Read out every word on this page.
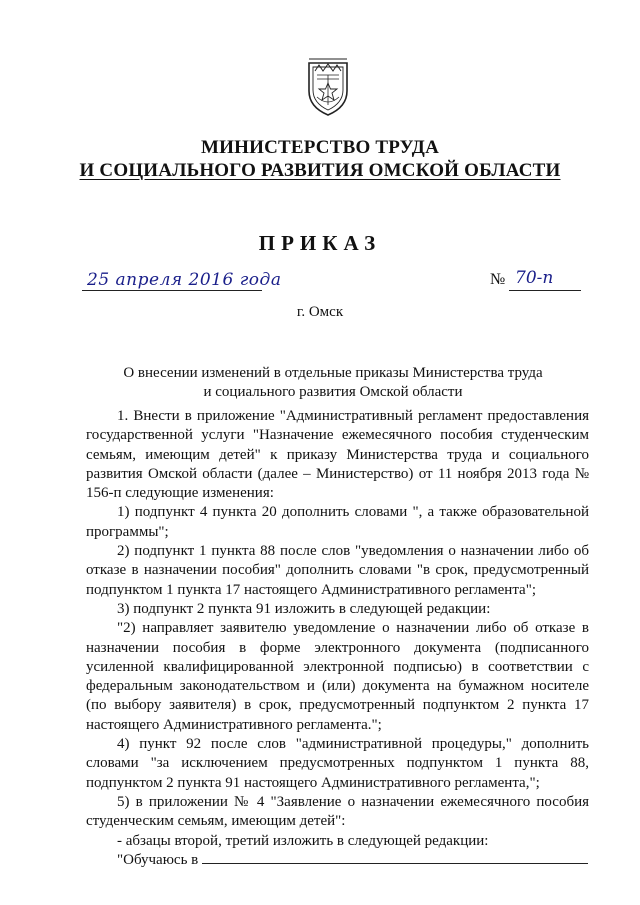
МИНИСТЕРСТВО ТРУДА
И СОЦИАЛЬНОГО РАЗВИТИЯ ОМСКОЙ ОБЛАСТИ
ПРИКАЗ
25 апреля 2016 года	№ 70-п
г. Омск
О внесении изменений в отдельные приказы Министерства труда
и социального развития Омской области

1. Внести в приложение "Административный регламент предоставления государственной услуги "Назначение ежемесячного пособия студенческим семьям, имеющим детей" к приказу Министерства труда и социального развития Омской области (далее – Министерство) от 11 ноября 2013 года № 156-п следующие изменения:

1) подпункт 4 пункта 20 дополнить словами ", а также образовательной программы";

2) подпункт 1 пункта 88 после слов "уведомления о назначении либо об отказе в назначении пособия" дополнить словами "в срок, предусмотренный подпунктом 1 пункта 17 настоящего Административного регламента";

3) подпункт 2 пункта 91 изложить в следующей редакции:

"2) направляет заявителю уведомление о назначении либо об отказе в назначении пособия в форме электронного документа (подписанного усиленной квалифицированной электронной подписью) в соответствии с федеральным законодательством и (или) документа на бумажном носителе (по выбору заявителя) в срок, предусмотренный подпунктом 2 пункта 17 настоящего Административного регламента.";

4) пункт 92 после слов "административной процедуры," дополнить словами "за исключением предусмотренных подпунктом 1 пункта 88, подпунктом 2 пункта 91 настоящего Административного регламента,";

5) в приложении № 4 "Заявление о назначении ежемесячного пособия студенческим семьям, имеющим детей":

- абзацы второй, третий изложить в следующей редакции:

"Обучаюсь в
